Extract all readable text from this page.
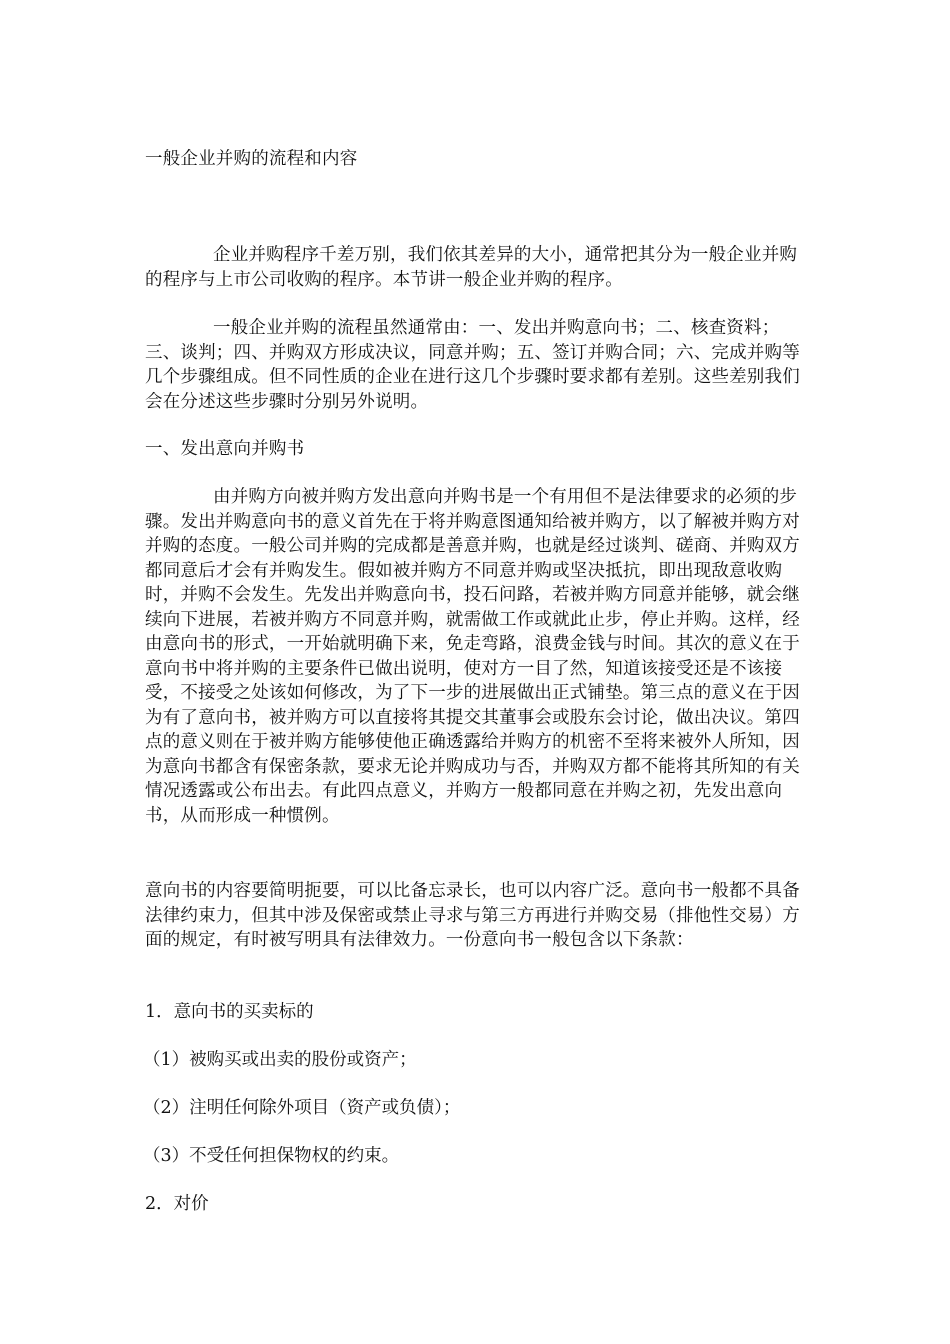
一般企业并购的流程和内容

企业并购程序千差万别，我们依其差异的大小，通常把其分为一般企业并购的程序与上市公司收购的程序。本节讲一般企业并购的程序。

一般企业并购的流程虽然通常由：一、发出并购意向书；二、核查资料；三、谈判；四、并购双方形成决议，同意并购；五、签订并购合同；六、完成并购等几个步骤组成。但不同性质的企业在进行这几个步骤时要求都有差别。这些差别我们会在分述这些步骤时分别另外说明。

一、发出意向并购书

由并购方向被并购方发出意向并购书是一个有用但不是法律要求的必须的步骤。发出并购意向书的意义首先在于将并购意图通知给被并购方，以了解被并购方对并购的态度。一般公司并购的完成都是善意并购，也就是经过谈判、磋商、并购双方都同意后才会有并购发生。假如被并购方不同意并购或坚决抵抗，即出现敌意收购时，并购不会发生。先发出并购意向书，投石问路，若被并购方同意并能够，就会继续向下进展，若被并购方不同意并购，就需做工作或就此止步，停止并购。这样，经由意向书的形式，一开始就明确下来，免走弯路，浪费金钱与时间。其次的意义在于意向书中将并购的主要条件已做出说明，使对方一目了然，知道该接受还是不该接受，不接受之处该如何修改，为了下一步的进展做出正式铺垫。第三点的意义在于因为有了意向书，被并购方可以直接将其提交其董事会或股东会讨论，做出决议。第四点的意义则在于被并购方能够使他正确透露给并购方的机密不至将来被外人所知，因为意向书都含有保密条款，要求无论并购成功与否，并购双方都不能将其所知的有关情况透露或公布出去。有此四点意义，并购方一般都同意在并购之初，先发出意向书，从而形成一种惯例。

意向书的内容要简明扼要，可以比备忘录长，也可以内容广泛。意向书一般都不具备法律约束力，但其中涉及保密或禁止寻求与第三方再进行并购交易（排他性交易）方面的规定，有时被写明具有法律效力。一份意向书一般包含以下条款：

1．意向书的买卖标的

（1）被购买或出卖的股份或资产；

（2）注明任何除外项目（资产或负债）；

（3）不受任何担保物权的约束。

2．对价
